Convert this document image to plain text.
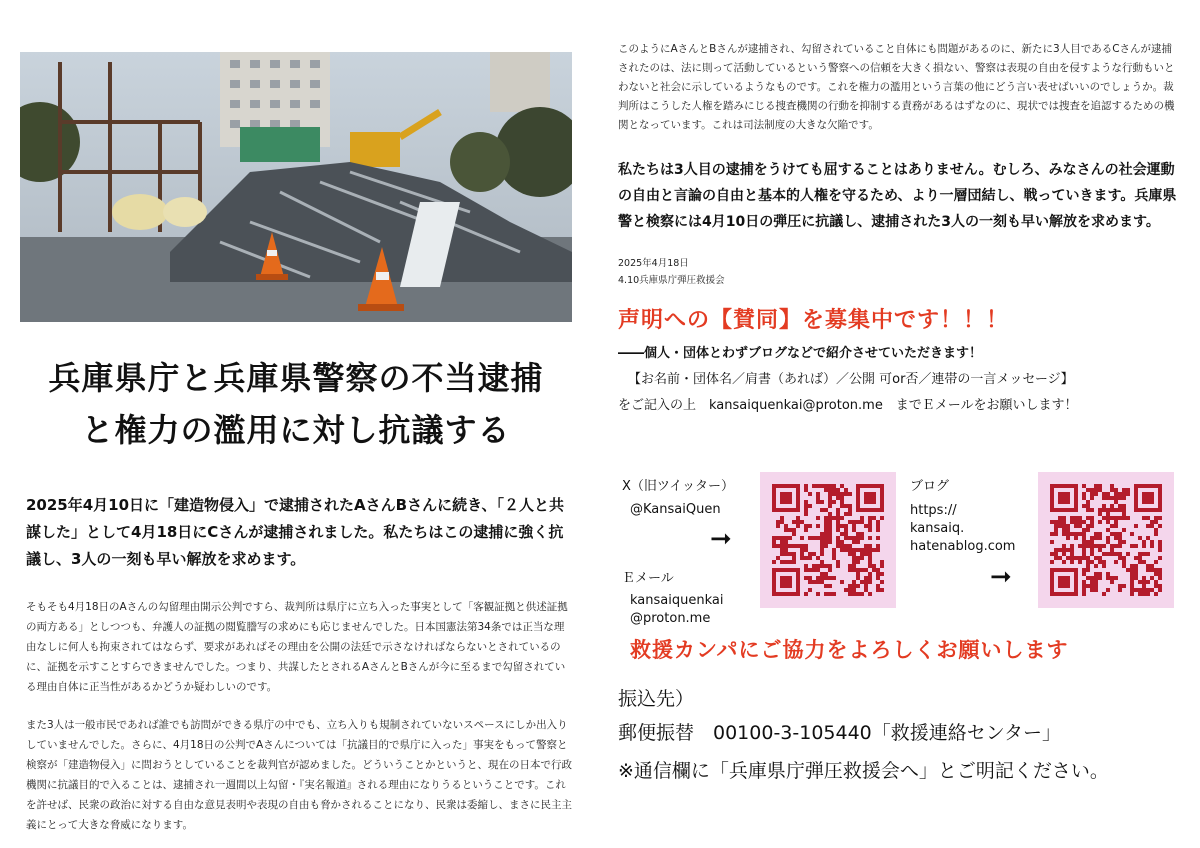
兵庫県庁と兵庫県警察の不当逮捕
と権力の濫用に対し抗議する

2025年4月10日に「建造物侵入」で逮捕されたAさんBさんに続き、「２人と共謀した」として4月18日にCさんが逮捕されました。私たちはこの逮捕に強く抗議し、3人の一刻も早い解放を求めます。

そもそも4月18日のAさんの勾留理由開示公判ですら、裁判所は県庁に立ち入った事実として「客観証拠と供述証拠の両方ある」としつつも、弁護人の証拠の閲覧謄写の求めにも応じませんでした。日本国憲法第34条では正当な理由なしに何人も拘束されてはならず、要求があればその理由を公開の法廷で示さなければならないとされているのに、証拠を示すことすらできませんでした。つまり、共謀したとされるAさんとBさんが今に至るまで勾留されている理由自体に正当性があるかどうか疑わしいのです。

また3人は一般市民であれば誰でも訪問ができる県庁の中でも、立ち入りも規制されていないスペースにしか出入りしていませんでした。さらに、4月18日の公判でAさんについては「抗議目的で県庁に入った」事実をもって警察と検察が「建造物侵入」に問おうとしていることを裁判官が認めました。どういうことかというと、現在の日本で行政機関に抗議目的で入ることは、逮捕され一週間以上勾留・『実名報道』される理由になりうるということです。これを許せば、民衆の政治に対する自由な意見表明や表現の自由も脅かされることになり、民衆は委縮し、まさに民主主義にとって大きな脅威になります。

このようにAさんとBさんが逮捕され、勾留されていること自体にも問題があるのに、新たに3人目であるCさんが逮捕されたのは、法に則って活動しているという警察への信頼を大きく損ない、警察は表現の自由を侵すような行動もいとわないと社会に示しているようなものです。これを権力の濫用という言葉の他にどう言い表せばいいのでしょうか。裁判所はこうした人権を踏みにじる捜査機関の行動を抑制する責務があるはずなのに、現状では捜査を追認するための機関となっています。これは司法制度の大きな欠陥です。

私たちは3人目の逮捕をうけても屈することはありません。むしろ、みなさんの社会運動の自由と言論の自由と基本的人権を守るため、より一層団結し、戦っていきます。兵庫県警と検察には4月10日の弾圧に抗議し、逮捕された3人の一刻も早い解放を求めます。

2025年4月18日
4.10兵庫県庁弾圧救援会
声明への【賛同】を募集中です！！！
――個人・団体とわずブログなどで紹介させていただきます！
【お名前・団体名／肩書（あれば）／公開 可or否／連帯の一言メッセージ】
をご記入の上　kansaiquenkai@proton.me　までＥメールをお願いします！
X（旧ツイッター）
@KansaiQuen
➞
Ｅメール
kansaiquenkai
@proton.me
ブログ
https://
kansaiq.
hatenablog.com
➞
救援カンパにご協力をよろしくお願いします
振込先）
郵便振替　00100-3-105440「救援連絡センター」
※通信欄に「兵庫県庁弾圧救援会へ」とご明記ください。
